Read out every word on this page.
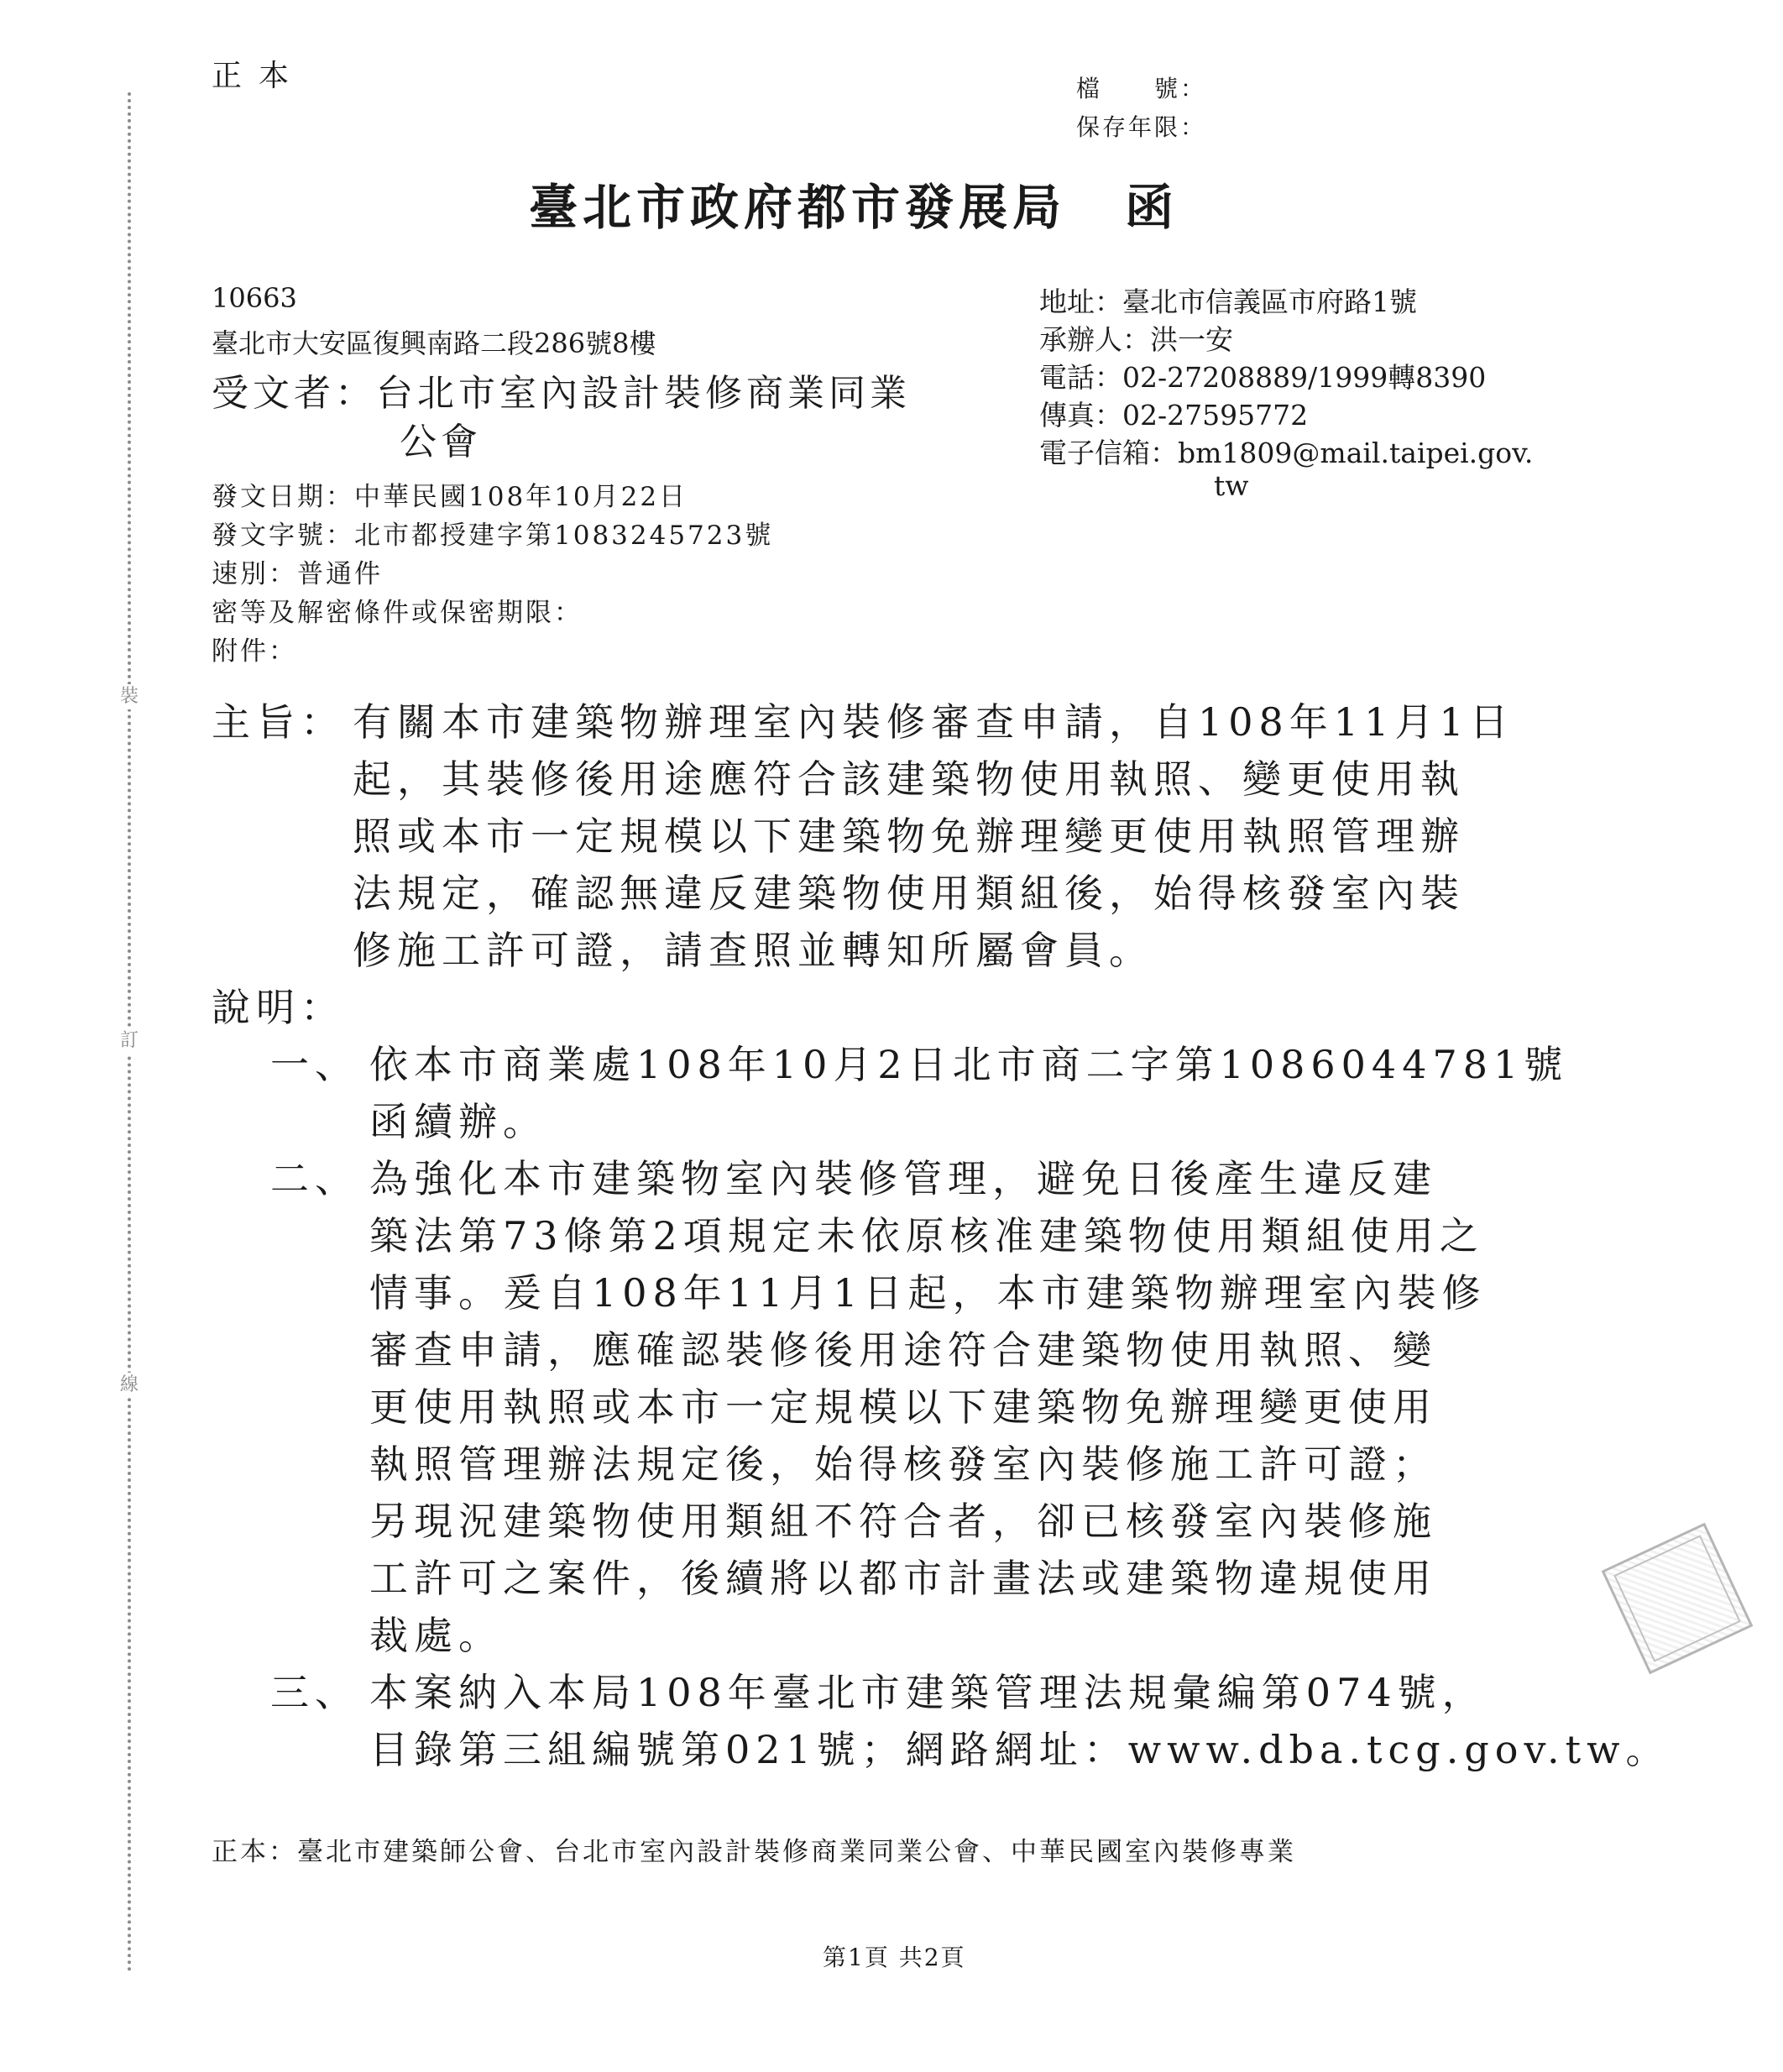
裝
訂
線
正本	檔　　號：
保存年限：
臺北市政府都市發展局 函
10663
臺北市大安區復興南路二段286號8樓
受文者：台北市室內設計裝修商業同業
公會
地址：臺北市信義區市府路1號
承辦人：洪一安
電話：02-27208889/1999轉8390
傳真：02-27595772
電子信箱：bm1809@mail.taipei.gov.
tw
發文日期：中華民國108年10月22日
發文字號：北市都授建字第1083245723號
速別：普通件
密等及解密條件或保密期限：
附件：
主旨： 有關本市建築物辦理室內裝修審查申請，自108年11月1日
起，其裝修後用途應符合該建築物使用執照、變更使用執
照或本市一定規模以下建築物免辦理變更使用執照管理辦
法規定，確認無違反建築物使用類組後，始得核發室內裝
修施工許可證，請查照並轉知所屬會員。
說明：
一、 依本市商業處108年10月2日北市商二字第1086044781號
函續辦。
二、 為強化本市建築物室內裝修管理，避免日後產生違反建
築法第73條第2項規定未依原核准建築物使用類組使用之
情事。爰自108年11月1日起，本市建築物辦理室內裝修
審查申請，應確認裝修後用途符合建築物使用執照、變
更使用執照或本市一定規模以下建築物免辦理變更使用
執照管理辦法規定後，始得核發室內裝修施工許可證；
另現況建築物使用類組不符合者，卻已核發室內裝修施
工許可之案件，後續將以都市計畫法或建築物違規使用
裁處。
三、 本案納入本局108年臺北市建築管理法規彙編第074號，
目錄第三組編號第021號；網路網址：www.dba.tcg.gov.tw。
正本：臺北市建築師公會、台北市室內設計裝修商業同業公會、中華民國室內裝修專業
第1頁 共2頁
